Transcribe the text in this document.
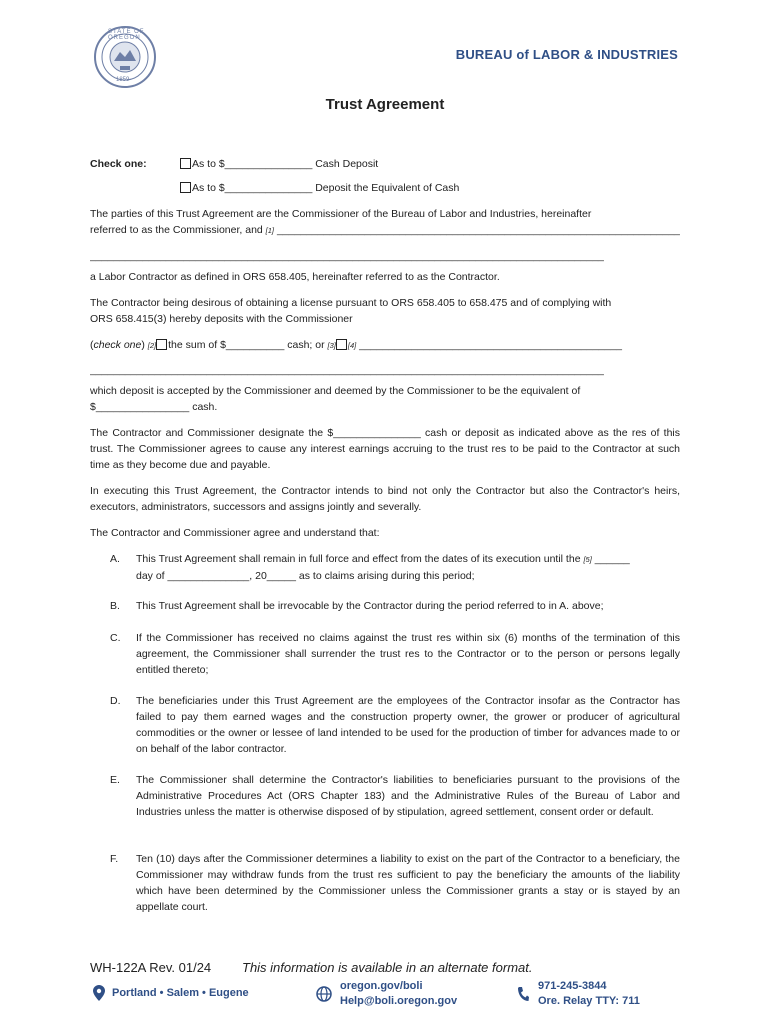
STATE OF OREGON
1859
BUREAU of LABOR & INDUSTRIES
Trust Agreement
Check one:	As to $_______________ Cash Deposit
As to $_______________ Deposit the Equivalent of Cash
The parties of this Trust Agreement are the Commissioner of the Bureau of Labor and Industries, hereinafter
referred to as the Commissioner, and [1] _____________________________________________________________________
________________________________________________________________________________________
a Labor Contractor as defined in ORS 658.405, hereinafter referred to as the Contractor.
The Contractor being desirous of obtaining a license pursuant to ORS 658.405 to 658.475 and of complying with
ORS 658.415(3) hereby deposits with the Commissioner
(check one) [2] the sum of $__________ cash; or [3] [4] _____________________________________________
________________________________________________________________________________________
which deposit is accepted by the Commissioner and deemed by the Commissioner to be the equivalent of
$________________ cash.
The Contractor and Commissioner designate the $_______________ cash or deposit as indicated above as the res of this trust. The Commissioner agrees to cause any interest earnings accruing to the trust res to be paid to the Contractor at such time as they become due and payable.
In executing this Trust Agreement, the Contractor intends to bind not only the Contractor but also the Contractor's heirs, executors, administrators, successors and assigns jointly and severally.
The Contractor and Commissioner agree and understand that:
A.	This Trust Agreement shall remain in full force and effect from the dates of its execution until the [5] ______
day of ______________, 20_____ as to claims arising during this period;
B.	This Trust Agreement shall be irrevocable by the Contractor during the period referred to in A. above;
C.	If the Commissioner has received no claims against the trust res within six (6) months of the termination of this agreement, the Commissioner shall surrender the trust res to the Contractor or to the person or persons legally entitled thereto;
D.	The beneficiaries under this Trust Agreement are the employees of the Contractor insofar as the Contractor has failed to pay them earned wages and the construction property owner, the grower or producer of agricultural commodities or the owner or lessee of land intended to be used for the production of timber for advances made to or on behalf of the labor contractor.
E.	The Commissioner shall determine the Contractor's liabilities to beneficiaries pursuant to the provisions of the Administrative Procedures Act (ORS Chapter 183) and the Administrative Rules of the Bureau of Labor and Industries unless the matter is otherwise disposed of by stipulation, agreed settlement, consent order or default.
F.	Ten (10) days after the Commissioner determines a liability to exist on the part of the Contractor to a beneficiary, the Commissioner may withdraw funds from the trust res sufficient to pay the beneficiary the amounts of the liability which have been determined by the Commissioner unless the Commissioner grants a stay or is stayed by an appellate court.
WH-122A Rev. 01/24 This information is available in an alternate format.
Portland • Salem • Eugene
oregon.gov/boli
Help@boli.oregon.gov
971-245-3844
Ore. Relay TTY: 711
